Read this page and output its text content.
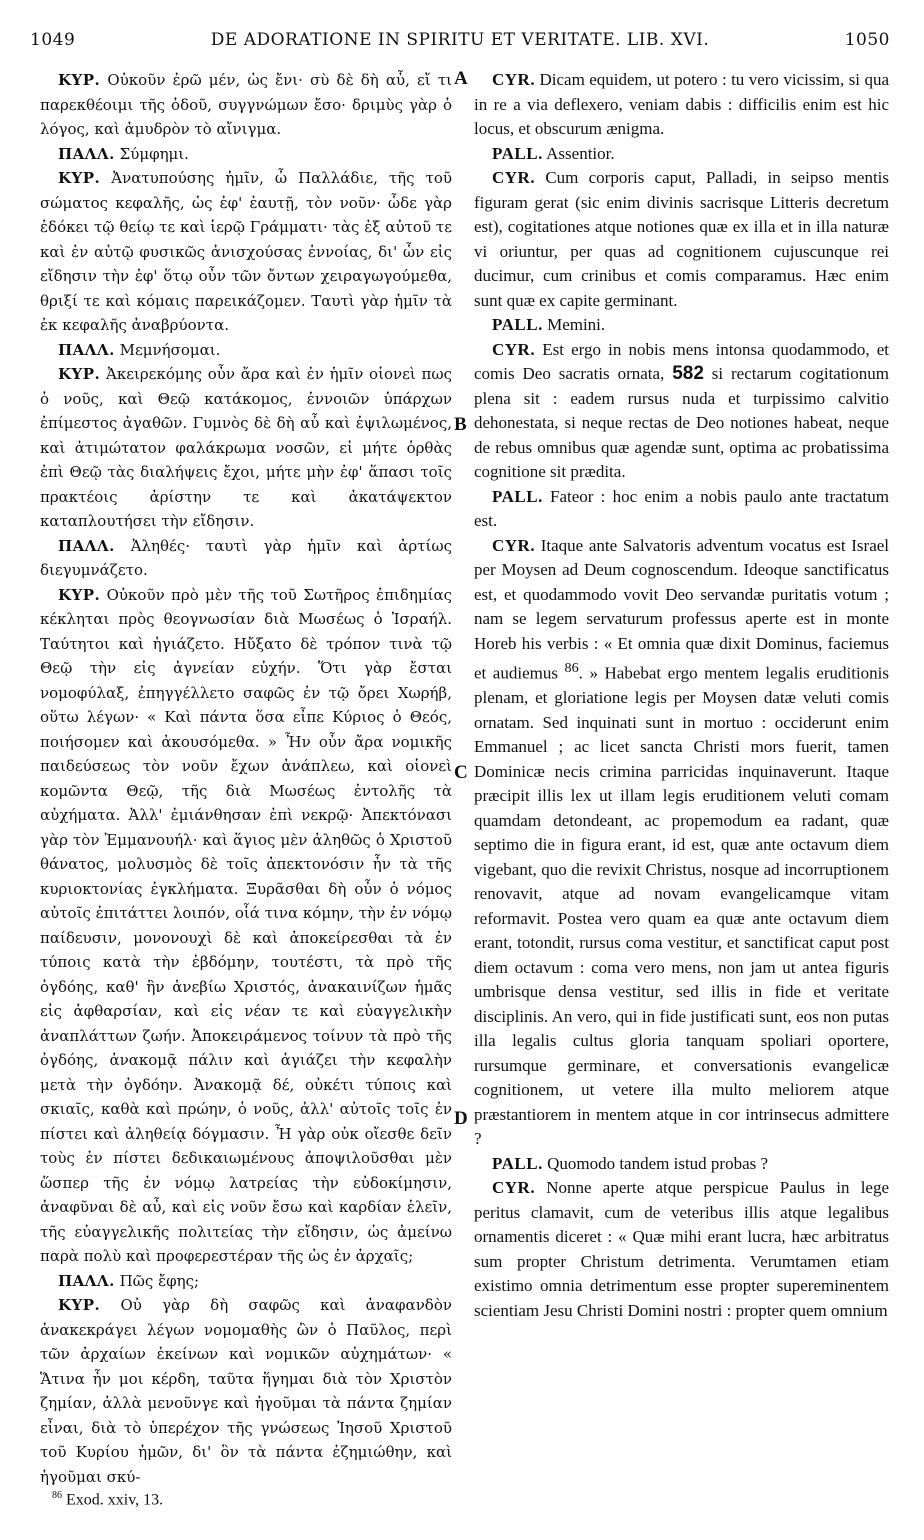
1049	DE ADORATIONE IN SPIRITU ET VERITATE. LIB. XVI.	1050
A
B
C
D

ΚΥΡ. Οὐκοῦν ἐρῶ μέν, ὡς ἔνι· σὺ δὲ δὴ αὖ, εἴ τι παρεκθέοιμι τῆς ὁδοῦ, συγγνώμων ἔσο· δριμὺς γὰρ ὁ λόγος, καὶ ἀμυδρὸν τὸ αἴνιγμα.

ΠΑΛΛ. Σύμφημι.

ΚΥΡ. Ἀνατυπούσης ἡμῖν, ὦ Παλλάδιε, τῆς τοῦ σώματος κεφαλῆς, ὡς ἐφ' ἑαυτῇ, τὸν νοῦν· ὧδε γὰρ ἐδόκει τῷ θείῳ τε καὶ ἱερῷ Γράμματι· τὰς ἐξ αὐτοῦ τε καὶ ἐν αὐτῷ φυσικῶς ἀνισχούσας ἐννοίας, δι' ὧν εἰς εἴδησιν τὴν ἐφ' ὅτῳ οὖν τῶν ὄντων χειραγωγούμεθα, θριξί τε καὶ κόμαις παρεικάζομεν. Ταυτὶ γὰρ ἡμῖν τὰ ἐκ κεφαλῆς ἀναβρύοντα.

ΠΑΛΛ. Μεμνήσομαι.

ΚΥΡ. Ἀκειρεκόμης οὖν ἄρα καὶ ἐν ἡμῖν οἱονεὶ πως ὁ νοῦς, καὶ Θεῷ κατάκομος, ἐννοιῶν ὑπάρχων ἐπίμεστος ἀγαθῶν. Γυμνὸς δὲ δὴ αὖ καὶ ἐψιλωμένος, καὶ ἀτιμώτατον φαλάκρωμα νοσῶν, εἰ μήτε ὀρθὰς ἐπὶ Θεῷ τὰς διαλήψεις ἔχοι, μήτε μὴν ἐφ' ἅπασι τοῖς πρακτέοις ἀρίστην τε καὶ ἀκατάψεκτον καταπλουτήσει τὴν εἴδησιν.

ΠΑΛΛ. Ἀληθές· ταυτὶ γὰρ ἡμῖν καὶ ἀρτίως διεγυμνάζετο.

ΚΥΡ. Οὐκοῦν πρὸ μὲν τῆς τοῦ Σωτῆρος ἐπιδημίας κέκληται πρὸς θεογνωσίαν διὰ Μωσέως ὁ Ἰσραήλ. Ταύτητοι καὶ ἡγιάζετο. Ηὔξατο δὲ τρόπον τινὰ τῷ Θεῷ τὴν εἰς ἁγνείαν εὐχήν. Ὅτι γὰρ ἔσται νομοφύλαξ, ἐπηγγέλλετο σαφῶς ἐν τῷ ὄρει Χωρήβ, οὕτω λέγων· « Καὶ πάντα ὅσα εἶπε Κύριος ὁ Θεός, ποιήσομεν καὶ ἀκουσόμεθα. » Ἦν οὖν ἄρα νομικῆς παιδεύσεως τὸν νοῦν ἔχων ἀνάπλεω, καὶ οἱονεὶ κομῶντα Θεῷ, τῆς διὰ Μωσέως ἐντολῆς τὰ αὐχήματα. Ἀλλ' ἐμιάνθησαν ἐπὶ νεκρῷ· Ἀπεκτόνασι γὰρ τὸν Ἐμμανουήλ· καὶ ἅγιος μὲν ἀληθῶς ὁ Χριστοῦ θάνατος, μολυσμὸς δὲ τοῖς ἀπεκτονόσιν ἦν τὰ τῆς κυριοκτονίας ἐγκλήματα. Ξυρᾶσθαι δὴ οὖν ὁ νόμος αὐτοῖς ἐπιτάττει λοιπόν, οἷά τινα κόμην, τὴν ἐν νόμῳ παίδευσιν, μονονουχὶ δὲ καὶ ἀποκείρεσθαι τὰ ἐν τύποις κατὰ τὴν ἑβδόμην, τουτέστι, τὰ πρὸ τῆς ὀγδόης, καθ' ἣν ἀνεβίω Χριστός, ἀνακαινίζων ἡμᾶς εἰς ἀφθαρσίαν, καὶ εἰς νέαν τε καὶ εὐαγγελικὴν ἀναπλάττων ζωήν. Ἀποκειράμενος τοίνυν τὰ πρὸ τῆς ὀγδόης, ἀνακομᾷ πάλιν καὶ ἁγιάζει τὴν κεφαλὴν μετὰ τὴν ὀγδόην. Ἀνακομᾷ δέ, οὐκέτι τύποις καὶ σκιαῖς, καθὰ καὶ πρώην, ὁ νοῦς, ἀλλ' αὐτοῖς τοῖς ἐν πίστει καὶ ἀληθείᾳ δόγμασιν. Ἦ γὰρ οὐκ οἴεσθε δεῖν τοὺς ἐν πίστει δεδικαιωμένους ἀποψιλοῦσθαι μὲν ὥσπερ τῆς ἐν νόμῳ λατρείας τὴν εὐδοκίμησιν, ἀναφῦναι δὲ αὖ, καὶ εἰς νοῦν ἔσω καὶ καρδίαν ἑλεῖν, τῆς εὐαγγελικῆς πολιτείας τὴν εἴδησιν, ὡς ἀμείνω παρὰ πολὺ καὶ προφερεστέραν τῆς ὡς ἐν ἀρχαῖς;

ΠΑΛΛ. Πῶς ἔφης;

ΚΥΡ. Οὐ γὰρ δὴ σαφῶς καὶ ἀναφανδὸν ἀνακεκράγει λέγων νομομαθὴς ὢν ὁ Παῦλος, περὶ τῶν ἀρχαίων ἐκείνων καὶ νομικῶν αὐχημάτων· « Ἅτινα ἦν μοι κέρδη, ταῦτα ἥγημαι διὰ τὸν Χριστὸν ζημίαν, ἀλλὰ μενοῦνγε καὶ ἡγοῦμαι τὰ πάντα ζημίαν εἶναι, διὰ τὸ ὑπερέχον τῆς γνώσεως Ἰησοῦ Χριστοῦ τοῦ Κυρίου ἡμῶν, δι' ὃν τὰ πάντα ἐζημιώθην, καὶ ἡγοῦμαι σκύ-

CYR. Dicam equidem, ut potero : tu vero vicissim, si qua in re a via deflexero, veniam dabis : difficilis enim est hic locus, et obscurum ænigma.

PALL. Assentior.

CYR. Cum corporis caput, Palladi, in seipso mentis figuram gerat (sic enim divinis sacrisque Litteris decretum est), cogitationes atque notiones quæ ex illa et in illa naturæ vi oriuntur, per quas ad cognitionem cujuscunque rei ducimur, cum crinibus et comis comparamus. Hæc enim sunt quæ ex capite germinant.

PALL. Memini.

CYR. Est ergo in nobis mens intonsa quodammodo, et comis Deo sacratis ornata, 582 si rectarum cogitationum plena sit : eadem rursus nuda et turpissimo calvitio dehonestata, si neque rectas de Deo notiones habeat, neque de rebus omnibus quæ agendæ sunt, optima ac probatissima cognitione sit prædita.

PALL. Fateor : hoc enim a nobis paulo ante tractatum est.

CYR. Itaque ante Salvatoris adventum vocatus est Israel per Moysen ad Deum cognoscendum. Ideoque sanctificatus est, et quodammodo vovit Deo servandæ puritatis votum ; nam se legem servaturum professus aperte est in monte Horeb his verbis : « Et omnia quæ dixit Dominus, faciemus et audiemus $^{86}$. » Habebat ergo mentem legalis eruditionis plenam, et gloriatione legis per Moysen datæ veluti comis ornatam. Sed inquinati sunt in mortuo : occiderunt enim Emmanuel ; ac licet sancta Christi mors fuerit, tamen Dominicæ necis crimina parricidas inquinaverunt. Itaque præcipit illis lex ut illam legis eruditionem veluti comam quamdam detondeant, ac propemodum ea radant, quæ septimo die in figura erant, id est, quæ ante octavum diem vigebant, quo die revixit Christus, nosque ad incorruptionem renovavit, atque ad novam evangelicamque vitam reformavit. Postea vero quam ea quæ ante octavum diem erant, totondit, rursus coma vestitur, et sanctificat caput post diem octavum : coma vero mens, non jam ut antea figuris umbrisque densa vestitur, sed illis in fide et veritate disciplinis. An vero, qui in fide justificati sunt, eos non putas illa legalis cultus gloria tanquam spoliari oportere, rursumque germinare, et conversationis evangelicæ cognitionem, ut vetere illa multo meliorem atque præstantiorem in mentem atque in cor intrinsecus admittere ?

PALL. Quomodo tandem istud probas ?

CYR. Nonne aperte atque perspicue Paulus in lege peritus clamavit, cum de veteribus illis atque legalibus ornamentis diceret : « Quæ mihi erant lucra, hæc arbitratus sum propter Christum detrimenta. Verumtamen etiam existimo omnia detrimentum esse propter supereminentem scientiam Jesu Christi Domini nostri : propter quem omnium

$^{86}$ Exod. xxiv, 13.
